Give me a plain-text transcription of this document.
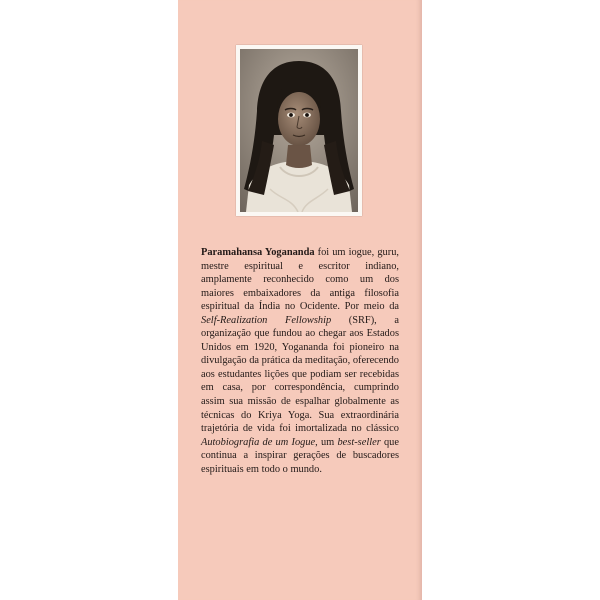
Paramahansa Yogananda foi um iogue, guru, mestre espiritual e escritor indiano, amplamente reconhecido como um dos maiores embaixadores da antiga filosofia espiritual da Índia no Ocidente. Por meio da Self-Realization Fellowship (SRF), a organização que fundou ao chegar aos Estados Unidos em 1920, Yogananda foi pioneiro na divulgação da prática da meditação, oferecendo aos estudantes lições que podiam ser recebidas em casa, por correspondência, cumprindo assim sua missão de espalhar globalmente as técnicas do Kriya Yoga. Sua extraordinária trajetória de vida foi imortalizada no clássico Autobiografia de um Iogue, um best-seller que continua a inspirar gerações de buscadores espirituais em todo o mundo.
